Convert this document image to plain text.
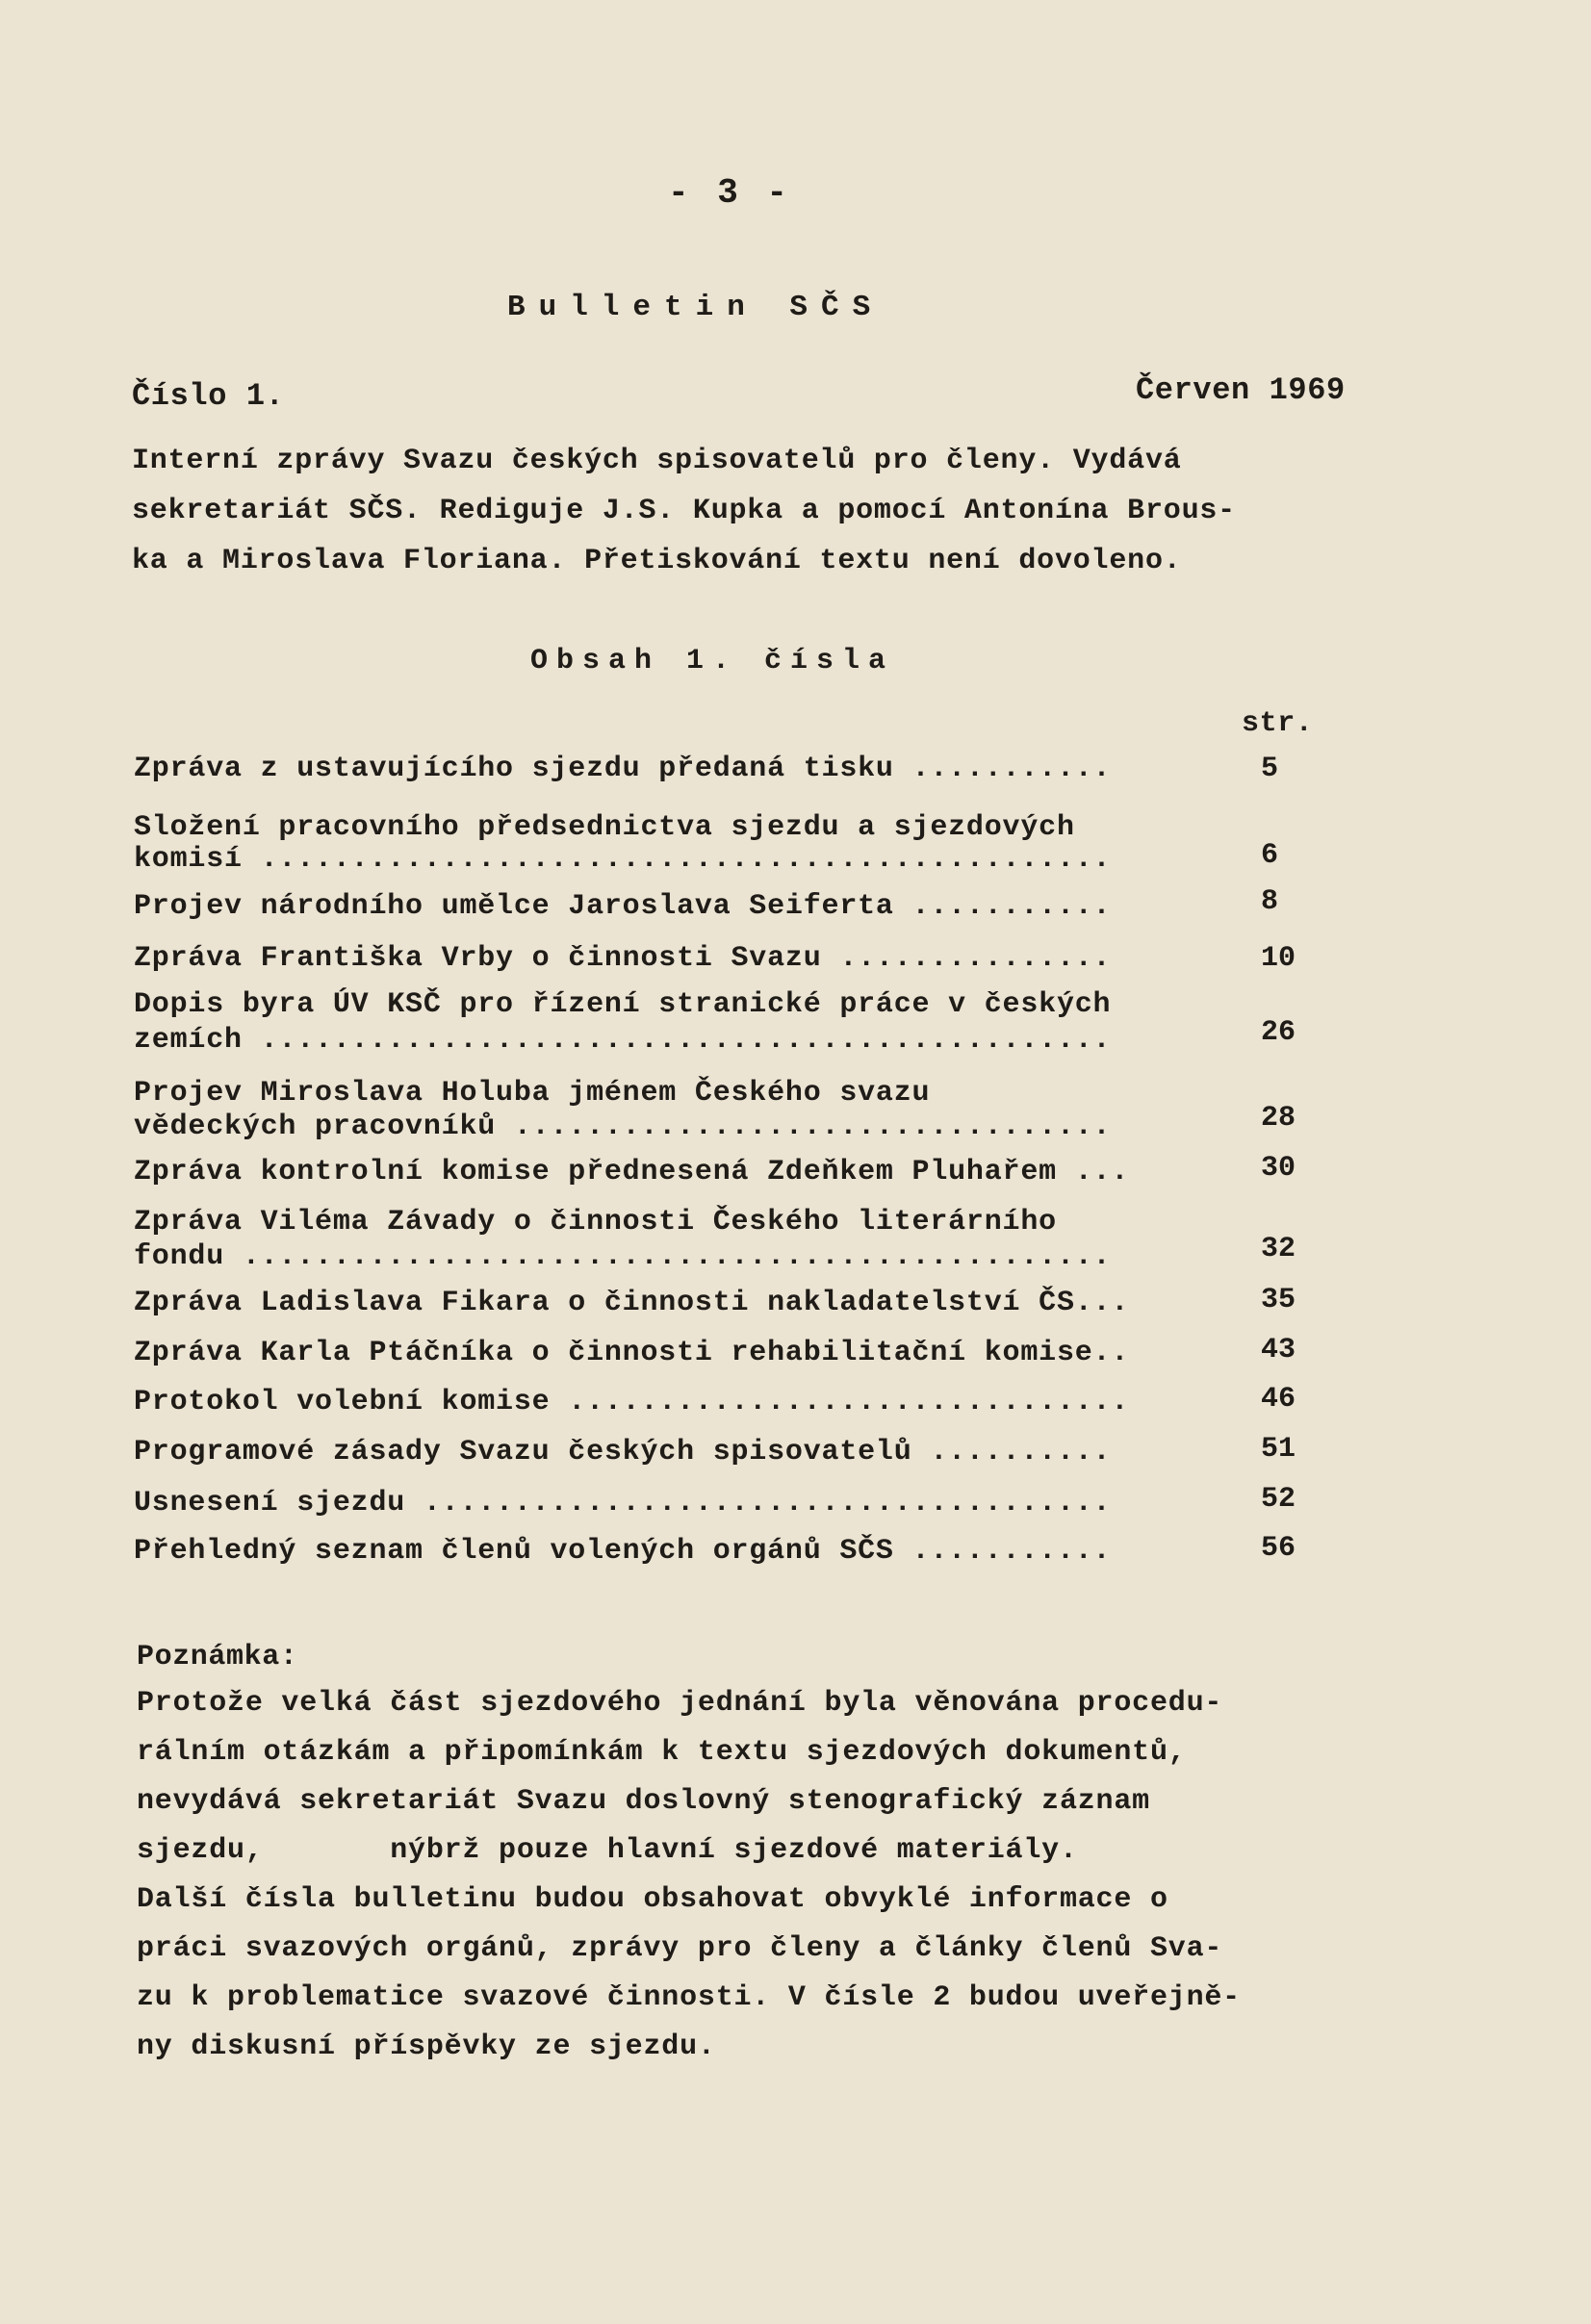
- 3 -
Bulletin SČS
Číslo 1.	Červen 1969
Interní zprávy Svazu českých spisovatelů pro členy. Vydává
sekretariát SČS. Rediguje J.S. Kupka a pomocí Antonína Brous-
ka a Miroslava Floriana. Přetiskování textu není dovoleno.
Obsah 1. čísla
str.
Zpráva z ustavujícího sjezdu předaná tisku ...........	5
Složení pracovního předsednictva sjezdu a sjezdových
komisí ...............................................	6
Projev národního umělce Jaroslava Seiferta ...........	8
Zpráva Františka Vrby o činnosti Svazu ...............	10
Dopis byra ÚV KSČ pro řízení stranické práce v českých
zemích ...............................................	26
Projev Miroslava Holuba jménem Českého svazu
vědeckých pracovníků .................................	28
Zpráva kontrolní komise přednesená Zdeňkem Pluhařem ...	30
Zpráva Viléma Závady o činnosti Českého literárního
fondu ................................................	32
Zpráva Ladislava Fikara o činnosti nakladatelství ČS...	35
Zpráva Karla Ptáčníka o činnosti rehabilitační komise..	43
Protokol volební komise ...............................	46
Programové zásady Svazu českých spisovatelů ..........	51
Usnesení sjezdu ......................................	52
Přehledný seznam členů volených orgánů SČS ...........	56
Poznámka:
Protože velká část sjezdového jednání byla věnována procedu-
rálním otázkám a připomínkám k textu sjezdových dokumentů,
nevydává sekretariát Svazu doslovný stenografický záznam
sjezdu,       nýbrž pouze hlavní sjezdové materiály.
Další čísla bulletinu budou obsahovat obvyklé informace o
práci svazových orgánů, zprávy pro členy a články členů Sva-
zu k problematice svazové činnosti. V čísle 2 budou uveřejně-
ny diskusní příspěvky ze sjezdu.
